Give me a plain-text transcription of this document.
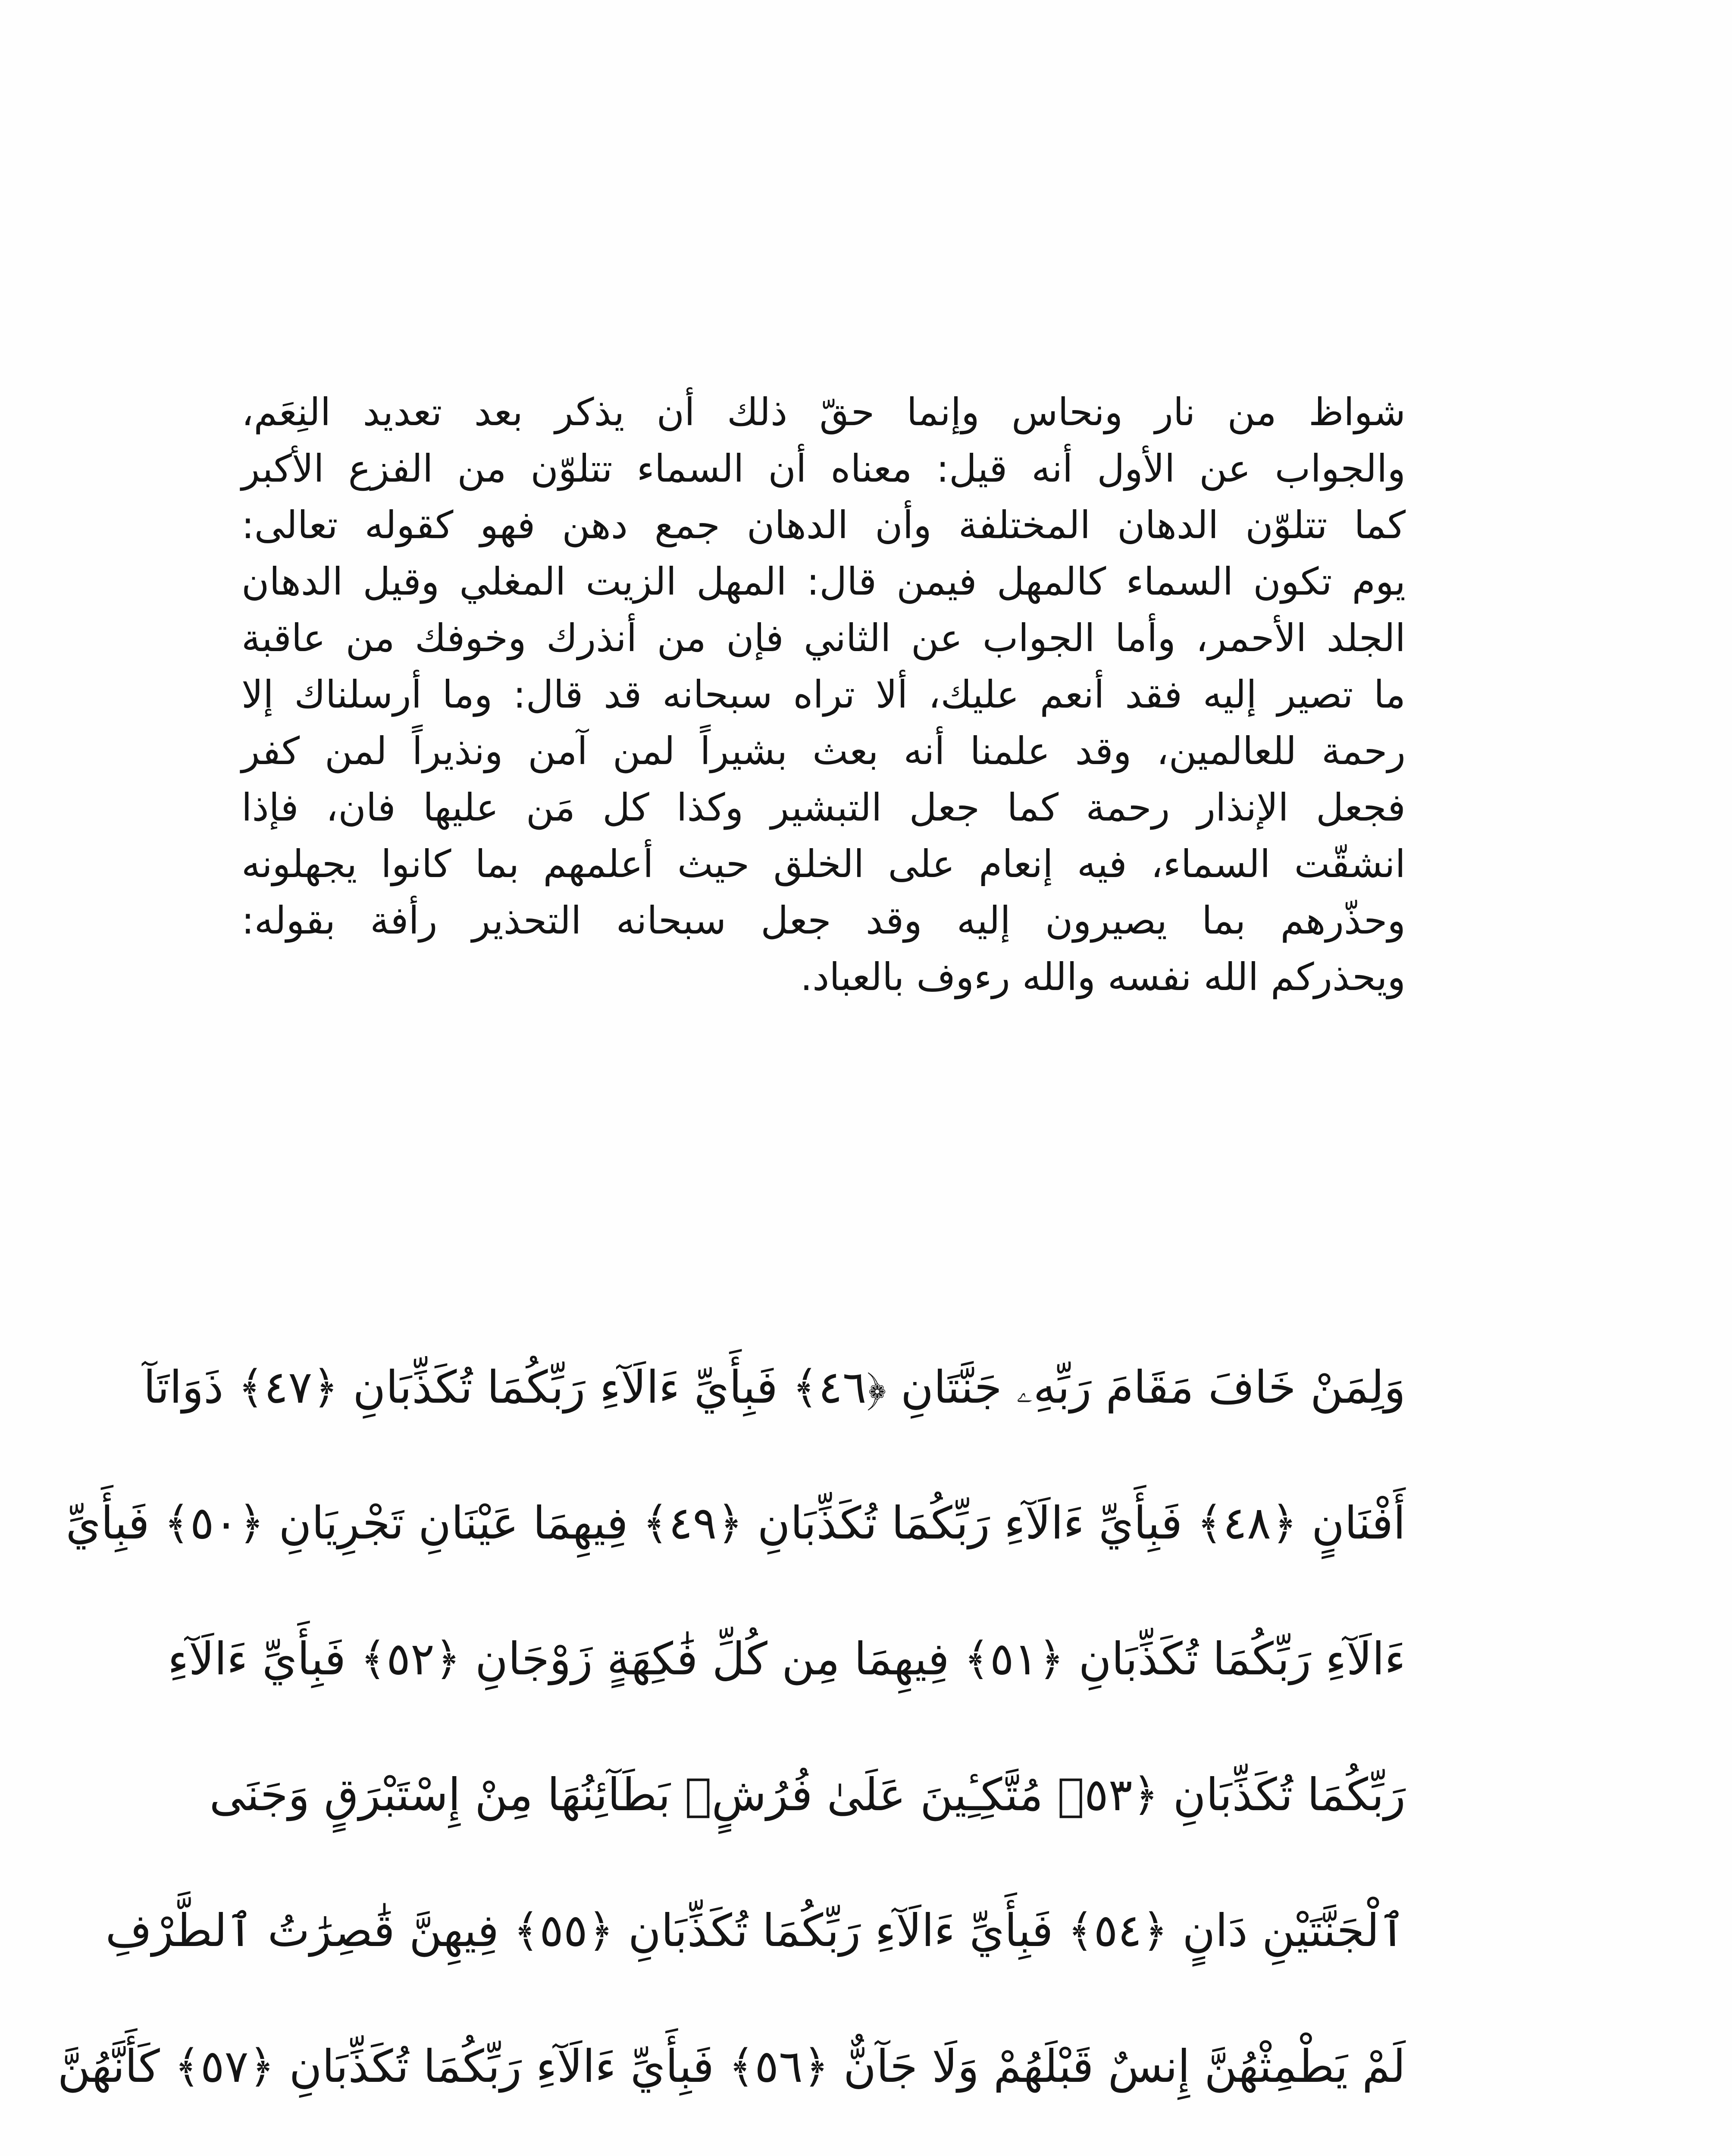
شواظ من نار ونحاس وإنما حقّ ذلك أن يذكر بعد تعديد النِعَم،
والجواب عن الأول أنه قيل: معناه أن السماء تتلوّن من الفزع الأكبر
كما تتلوّن الدهان المختلفة وأن الدهان جمع دهن فهو كقوله تعالى:
يوم تكون السماء كالمهل فيمن قال: المهل الزيت المغلي وقيل الدهان
الجلد الأحمر، وأما الجواب عن الثاني فإن من أنذرك وخوفك من عاقبة
ما تصير إليه فقد أنعم عليك، ألا تراه سبحانه قد قال: وما أرسلناك إلا
رحمة للعالمين، وقد علمنا أنه بعث بشيراً لمن آمن ونذيراً لمن كفر
فجعل الإنذار رحمة كما جعل التبشير وكذا كل مَن عليها فان، فإذا
انشقّت السماء، فيه إنعام على الخلق حيث أعلمهم بما كانوا يجهلونه
وحذّرهم بما يصيرون إليه وقد جعل سبحانه التحذير رأفة بقوله:
ويحذركم الله نفسه والله رءوف بالعباد.
وَلِمَنْ خَافَ مَقَامَ رَبِّهِۦ جَنَّتَانِ ﴿٤٦﴾ فَبِأَيِّ ءَالَآءِ رَبِّكُمَا تُكَذِّبَانِ ﴿٤٧﴾ ذَوَاتَآ
أَفْنَانٍ ﴿٤٨﴾ فَبِأَيِّ ءَالَآءِ رَبِّكُمَا تُكَذِّبَانِ ﴿٤٩﴾ فِيهِمَا عَيْنَانِ تَجْرِيَانِ ﴿٥٠﴾ فَبِأَيِّ
ءَالَآءِ رَبِّكُمَا تُكَذِّبَانِ ﴿٥١﴾ فِيهِمَا مِن كُلِّ فَٰكِهَةٍ زَوْجَانِ ﴿٥٢﴾ فَبِأَيِّ ءَالَآءِ
رَبِّكُمَا تُكَذِّبَانِ ﴿٥٣﴾ مُتَّكِـِٔينَ عَلَىٰ فُرُشٍۭ بَطَآئِنُهَا مِنْ إِسْتَبْرَقٍ وَجَنَى
ٱلْجَنَّتَيْنِ دَانٍ ﴿٥٤﴾ فَبِأَيِّ ءَالَآءِ رَبِّكُمَا تُكَذِّبَانِ ﴿٥٥﴾ فِيهِنَّ قَٰصِرَٰتُ ٱلطَّرْفِ
لَمْ يَطْمِثْهُنَّ إِنسٌ قَبْلَهُمْ وَلَا جَآنٌّ ﴿٥٦﴾ فَبِأَيِّ ءَالَآءِ رَبِّكُمَا تُكَذِّبَانِ ﴿٥٧﴾ كَأَنَّهُنَّ
